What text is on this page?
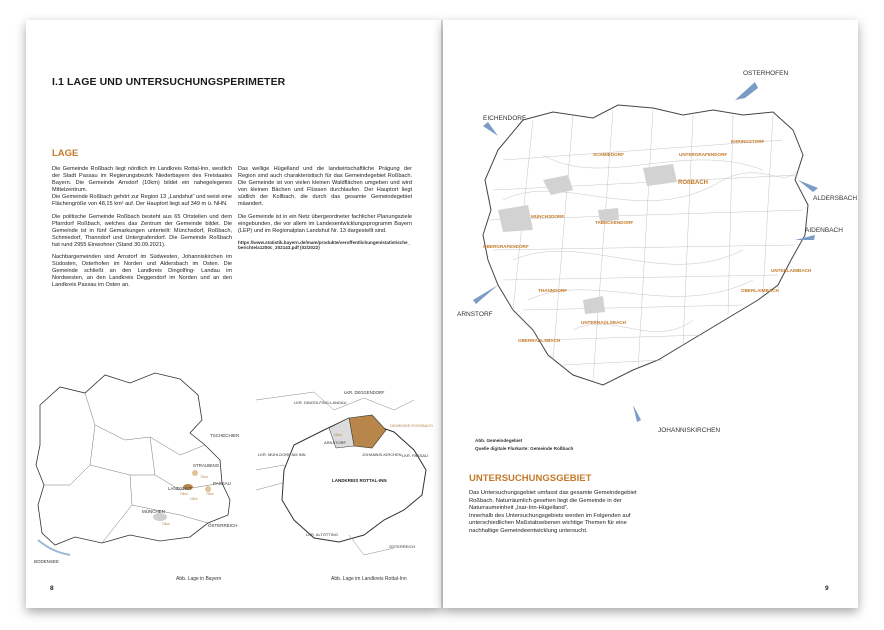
I.1 LAGE UND UNTERSUCHUNGSPERIMETER
LAGE

Die Gemeinde Roßbach liegt nördlich im Landkreis Rottal-Inn, westlich der Stadt Passau im Regierungsbezirk Niederbayern des Freistaates Bayern. Die Gemeinde Arnstorf (10km) bildet ein nahegelegenes Mittelzentrum.
Die Gemeinde Roßbach gehört zur Region 13 „Landshut“ und weist eine Flächengröße von 48,15 km² auf. Der Hauptort liegt auf 349 m ü. NHN.

Die politische Gemeinde Roßbach besteht aus 65 Ortsteilen und dem Pfarrdorf Roßbach, welches das Zentrum der Gemeinde bildet. Die Gemeinde ist in fünf Gemarkungen unterteilt: Münchsdorf, Roßbach, Schmiedorf, Thanndorf und Untergrafendorf. Die Gemeinde Roßbach hat rund 2955 Einwohner (Stand 30.09.2021).

Nachbargemeinden sind Arnstorf im Südwesten, Johanniskirchen im Südosten, Osterhofen im Norden und Aldersbach im Osten. Die Gemeinde schließt an den Landkreis Dingolfing- Landau im Nordwesten, an den Landkreis Deggendorf im Norden und an den Landkreis Passau im Osten an.

Das wellige Hügelland und die landwirtschaftliche Prägung der Region sind auch charakteristisch für das Gemeindegebiet Roßbach. Die Gemeinde ist von vielen kleinen Waldflächen umgeben und wird von kleinen Bächen und Flüssen durchlaufen. Der Hauptort liegt südlich der Kollbach, die durch das gesamte Gemeindegebiet mäandert.

Die Gemeinde ist in ein Netz übergeordneter fachlicher Planungsziele eingebunden, die vor allem im Landesentwicklungsprogramm Bayern (LEP) und im Regionalplan Landshut Nr. 13 dargestellt sind.

https://www.statistik.bayern.de/mam/produkte/veroffentlichungen/statistische_berichte/a1200c_202143.pdf (02/2022)
TSCHECHIEN
STRAUBING
PASSAU
LANDSHUT
MÜNCHEN
ÖSTERREICH
BODENSEE
71km
70km
23km
13km
10km
LKR. DEGGENDORF
LKR. DINGOLFING-LANDAU
ARNSTORF
GEMEINDE ROSSBACH
JOHANNIS-KIRCHEN LKR. PASSAU
LKR. MÜHLDORF AM INN
LANDKREIS ROTTAL-INN
LKR. ALTÖTTING
ÖSTERREICH
10km
Abb. Lage in Bayern	Abb. Lage im Landkreis Rottal-Inn
8
OSTERHOFEN
EICHENDORF
ALDERSBACH
AIDENBACH
ARNSTORF
JOHANNISKIRCHEN
EHRINGSTORF
UNTERGRAFENDORF
SCHMIEDORF
ROßBACH
MÜNCHSDORF
TABECKENDORF
OBERGRAFENDORF
THANNDORF	OBERLAIMBACH
UNTERLAIMBACH
UNTERRADLSBACH
OBERRADLSBACH
Abb. Gemeindegebiet
Quelle digitale Flurkarte: Gemeinde Roßbach
UNTERSUCHUNGSGEBIET

Das Untersuchungsgebiet umfasst das gesamte Gemeindegebiet Roßbach. Naturräumlich gesehen liegt die Gemeinde in der Naturraumeinheit „Isar-Inn-Hügelland“.
Innerhalb des Untersuchungsgebiets werden im Folgenden auf unterschiedlichen Maßstabsebenen wichtige Themen für eine nachhaltige Gemeindeentwicklung untersucht.

9
